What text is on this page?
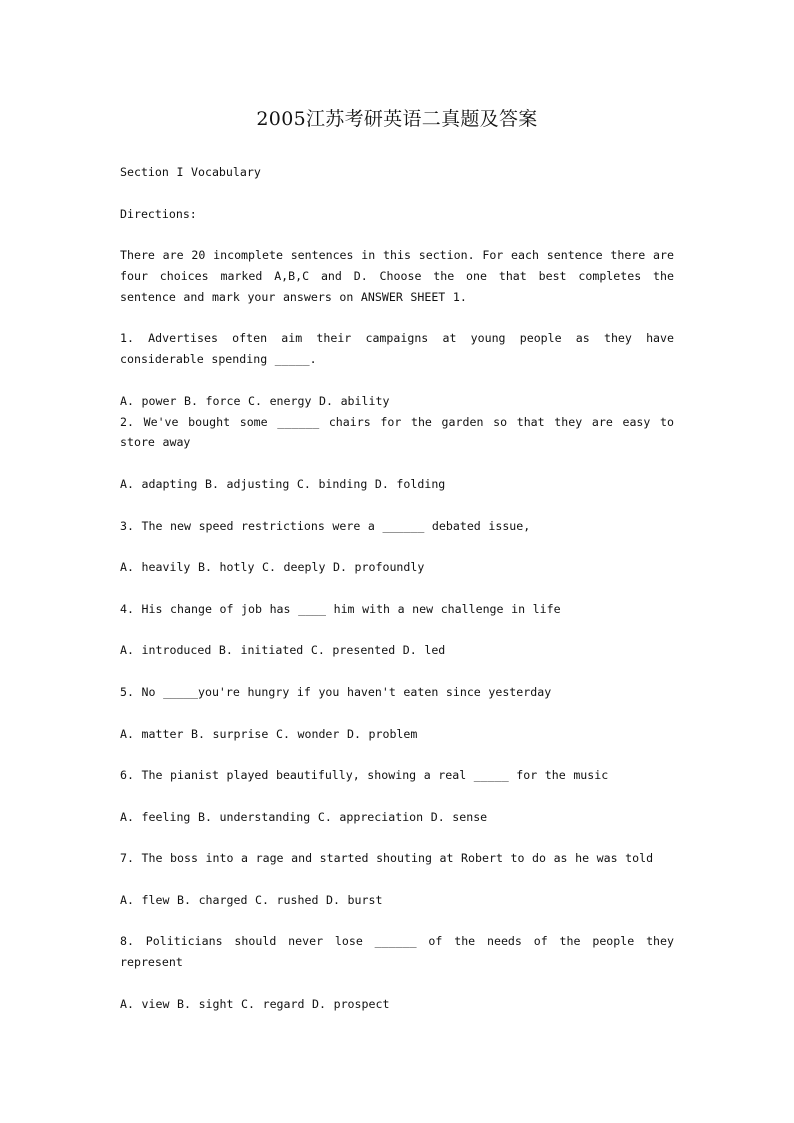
2005江苏考研英语二真题及答案

Section I Vocabulary

Directions:

There are 20 incomplete sentences in this section. For each sentence there are four choices marked A,B,C and D. Choose the one that best completes the sentence and mark your answers on ANSWER SHEET 1.

1. Advertises often aim their campaigns at young people as they have considerable spending _____.

A. power B. force C. energy D. ability

2. We've bought some ______ chairs for the garden so that they are easy to store away

A. adapting B. adjusting C. binding D. folding

3. The new speed restrictions were a ______ debated issue,

A. heavily B. hotly C. deeply D. profoundly

4. His change of job has ____ him with a new challenge in life

A. introduced B. initiated C. presented D. led

5. No _____you're hungry if you haven't eaten since yesterday

A. matter B. surprise C. wonder D. problem

6. The pianist played beautifully, showing a real _____ for the music

A. feeling B. understanding C. appreciation D. sense

7. The boss into a rage and started shouting at Robert to do as he was told

A. flew B. charged C. rushed D. burst

8. Politicians should never lose ______ of the needs of the people they represent

A. view B. sight C. regard D. prospect
